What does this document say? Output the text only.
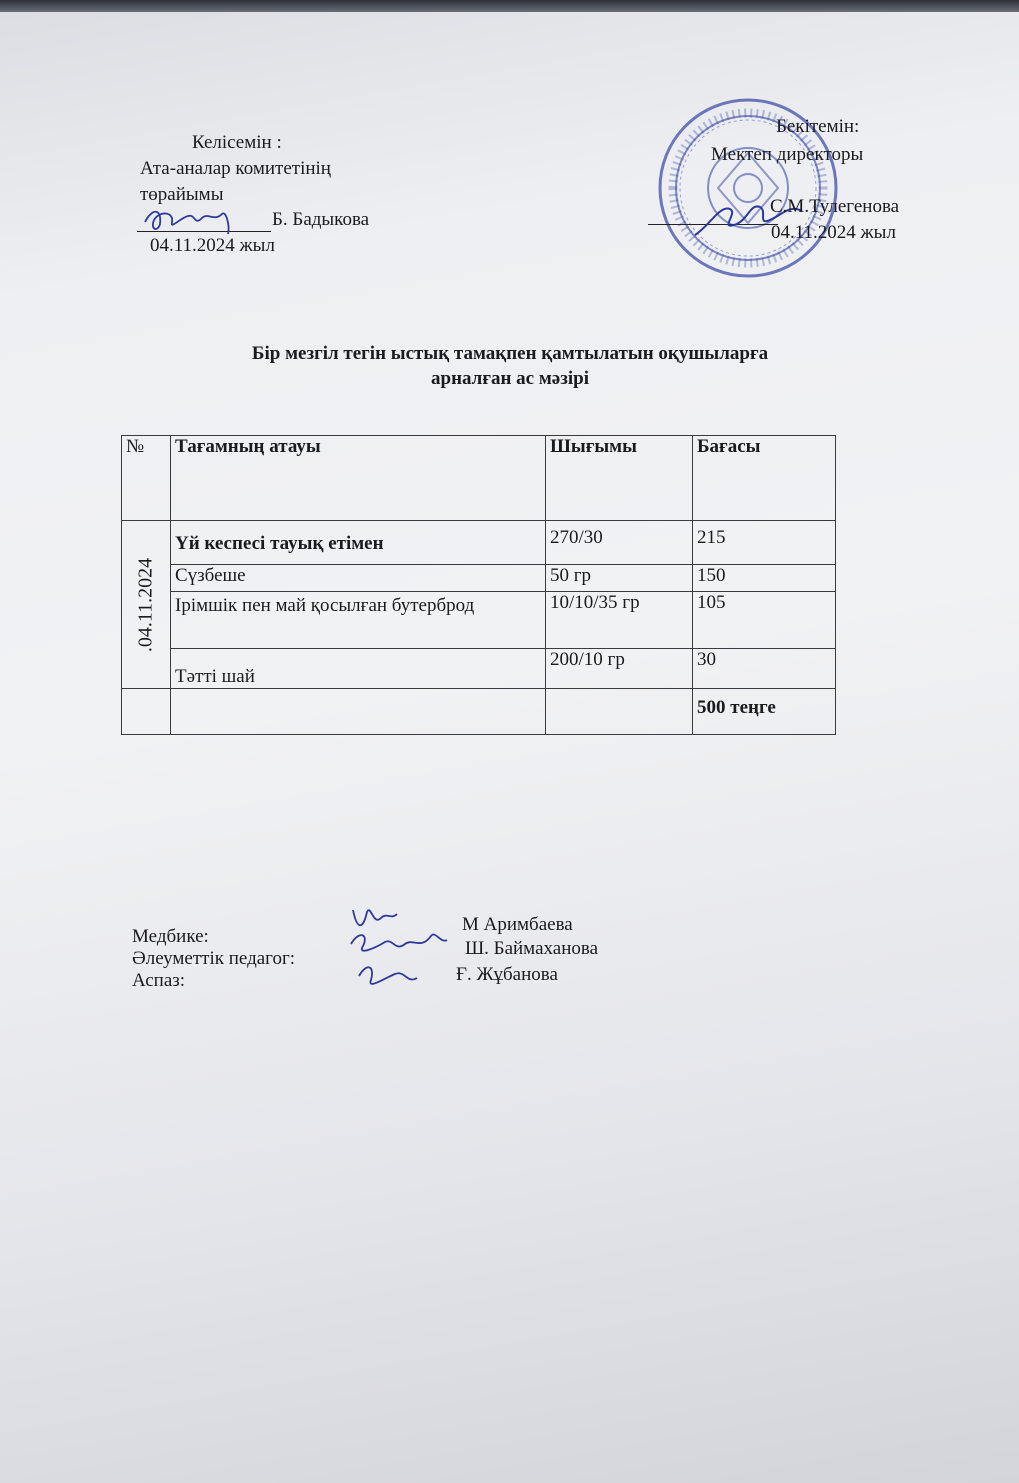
Келісемін :
Ата-аналар комитетінің
төрайымы
Б. Бадыкова
04.11.2024 жыл
Бекітемін:
Мектеп директоры
С.М.Тулегенова
04.11.2024 жыл
Бір мезгіл тегін ыстық тамақпен қамтылатын оқушыларға
арналған ас мәзірі
№	Тағамның атауы	Шығымы	Бағасы

.04.11.2024	Үй кеспесі тауық етімен	270/30	215
	Сүзбеше	50 гр	150
	Ірімшік пен май қосылған бутерброд	10/10/35 гр	105
	Тәтті шай	200/10 гр	30
			500 теңге
Медбике:
Әлеуметтік педагог:
Аспаз:
М Аримбаева
Ш. Баймаханова
Ғ. Жұбанова
